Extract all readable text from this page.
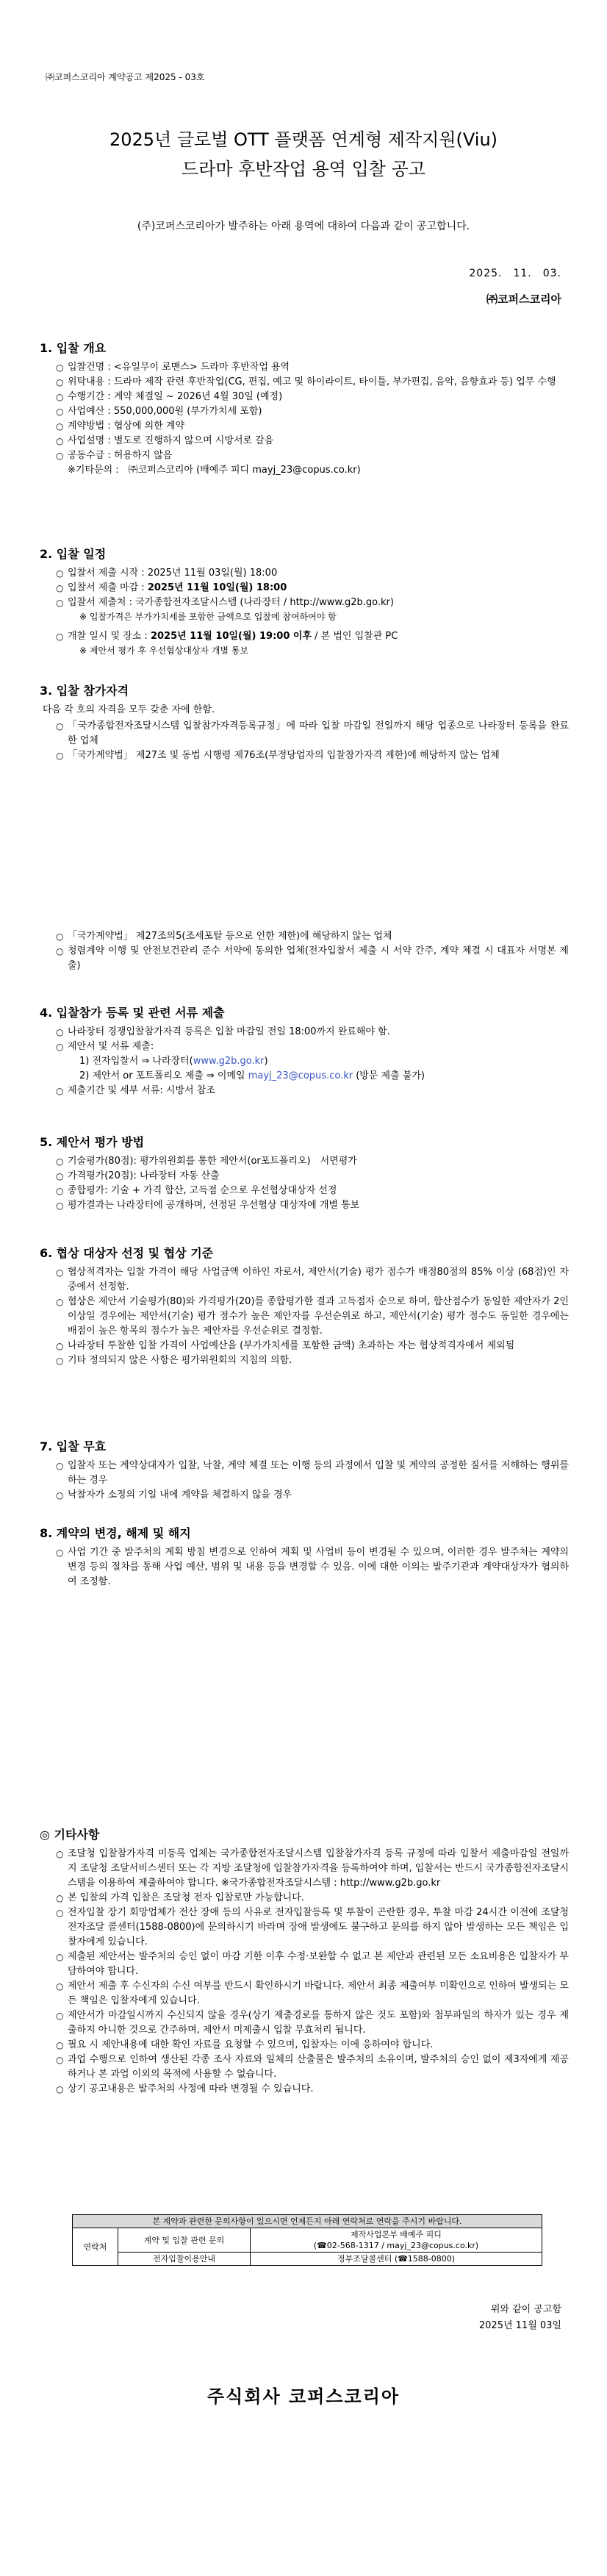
㈜코퍼스코리아 계약공고 제2025 - 03호
2025년 글로벌 OTT 플랫폼 연계형 제작지원(Viu)
드라마 후반작업 용역 입찰 공고

(주)코퍼스코리아가 발주하는 아래 용역에 대하여 다음과 같이 공고합니다.

2025.　11.　03.
㈜코퍼스코리아
1. 입찰 개요
○ 입찰건명 : <유일무이 로맨스> 드라마 후반작업 용역
○ 위탁내용 : 드라마 제작 관련 후반작업(CG, 편집, 예고 및 하이라이트, 타이틀, 부가편집, 음악, 음향효과 등) 업무 수행
○ 수행기간 : 계약 체결일 ~ 2026년 4월 30일 (예정)
○ 사업예산 : 550,000,000원 (부가가치세 포함)
○ 계약방법 : 협상에 의한 계약
○ 사업설명 : 별도로 진행하지 않으며 시방서로 갈음
○ 공동수급 : 허용하지 않음
※기타문의 :　㈜코퍼스코리아 (배예주 피디 mayj_23@copus.co.kr)
2. 입찰 일정
○ 입찰서 제출 시작 : 2025년 11월 03일(월) 18:00
○ 입찰서 제출 마감 : 2025년 11월 10일(월) 18:00
○ 입찰서 제출처 : 국가종합전자조달시스템 (나라장터 / http://www.g2b.go.kr)
※ 입찰가격은 부가가치세를 포함한 금액으로 입찰에 참여하여야 함
○ 개찰 일시 및 장소 : 2025년 11월 10일(월) 19:00 이후 / 본 법인 입찰관 PC
※ 제안서 평가 후 우선협상대상자 개별 통보
3. 입찰 참가자격
다음 각 호의 자격을 모두 갖춘 자에 한함.
○ 「국가종합전자조달시스템 입찰참가자격등록규정」에 따라 입찰 마감일 전일까지 해당 업종으로 나라장터 등록을 완료한 업체
○ 「국가계약법」 제27조 및 동법 시행령 제76조(부정당업자의 입찰참가자격 제한)에 해당하지 않는 업체
○ 「국가계약법」 제27조의5(조세포탈 등으로 인한 제한)에 해당하지 않는 업체
○ 청렴계약 이행 및 안전보건관리 준수 서약에 동의한 업체(전자입찰서 제출 시 서약 간주, 계약 체결 시 대표자 서명본 제출)
4. 입찰참가 등록 및 관련 서류 제출
○ 나라장터 경쟁입찰참가자격 등록은 입찰 마감일 전일 18:00까지 완료해야 함.
○ 제안서 및 서류 제출:
1) 전자입찰서 ⇒ 나라장터(www.g2b.go.kr)
2) 제안서 or 포트폴리오 제출 ⇒ 이메일 mayj_23@copus.co.kr (방문 제출 불가)
○ 제출기간 및 세부 서류: 시방서 참조
5. 제안서 평가 방법
○ 기술평가(80점): 평가위원회를 통한 제안서(or포트폴리오)　서면평가
○ 가격평가(20점): 나라장터 자동 산출
○ 종합평가: 기술 + 가격 합산, 고득점 순으로 우선협상대상자 선정
○ 평가결과는 나라장터에 공개하며, 선정된 우선협상 대상자에 개별 통보
6. 협상 대상자 선정 및 협상 기준
○ 협상적격자는 입찰 가격이 해당 사업금액 이하인 자로서, 제안서(기술) 평가 점수가 배점80점의 85% 이상 (68점)인 자 중에서 선정함.
○ 협상은 제안서 기술평가(80)와 가격평가(20)를 종합평가한 결과 고득점자 순으로 하며, 합산점수가 동일한 제안자가 2인 이상일 경우에는 제안서(기술) 평가 점수가 높은 제안자를 우선순위로 하고, 제안서(기술) 평가 점수도 동일한 경우에는 배점이 높은 항목의 점수가 높은 제안자를 우선순위로 결정함.
○ 나라장터 투찰한 입찰 가격이 사업예산을 (부가가치세를 포함한 금액) 초과하는 자는 협상적격자에서 제외됨
○ 기타 정의되지 않은 사항은 평가위원회의 지침의 의함.
7. 입찰 무효
○ 입찰자 또는 계약상대자가 입찰, 낙찰, 계약 체결 또는 이행 등의 과정에서 입찰 및 계약의 공정한 질서를 저해하는 행위를 하는 경우
○ 낙찰자가 소정의 기일 내에 계약을 체결하지 않을 경우
8. 계약의 변경, 해제 및 해지
○ 사업 기간 중 발주처의 계획 방침 변경으로 인하여 계획 및 사업비 등이 변경될 수 있으며, 이러한 경우 발주처는 계약의 변경 등의 절차를 통해 사업 예산, 범위 및 내용 등을 변경할 수 있음. 이에 대한 이의는 발주기관과 계약대상자가 협의하여 조정함.
◎ 기타사항
○ 조달청 입찰참가자격 미등록 업체는 국가종합전자조달시스템 입찰참가자격 등록 규정에 따라 입찰서 제출마감일 전일까지 조달청 조달서비스센터 또는 각 지방 조달청에 입찰참가자격을 등록하여야 하며, 입찰서는 반드시 국가종합전자조달시스템을 이용하여 제출하여야 합니다. ※국가종합전자조달시스템 : http://www.g2b.go.kr
○ 본 입찰의 가격 입찰은 조달청 전자 입찰로만 가능합니다.
○ 전자입찰 장기 회망업체가 전산 장애 등의 사유로 전자입찰등록 및 투찰이 곤란한 경우, 투찰 마감 24시간 이전에 조달청 전자조달 콜센터(1588-0800)에 문의하시기 바라며 장애 발생에도 불구하고 문의를 하지 않아 발생하는 모든 책임은 입찰자에게 있습니다.
○ 제출된 제안서는 발주처의 승인 없이 마감 기한 이후 수정·보완할 수 없고 본 제안과 관련된 모든 소요비용은 입찰자가 부담하여야 합니다.
○ 제안서 제출 후 수신자의 수신 여부를 반드시 확인하시기 바랍니다. 제안서 최종 제출여부 미확인으로 인하여 발생되는 모든 책임은 입찰자에게 있습니다.
○ 제안서가 마감일시까지 수신되지 않을 경우(상기 제출경로를 통하지 않은 것도 포함)와 첨부파일의 하자가 있는 경우 제출하지 아니한 것으로 간주하며, 제안서 미제출시 입찰 무효처리 됩니다.
○ 필요 시 제안내용에 대한 확인 자료를 요청할 수 있으며, 입찰자는 이에 응하여야 합니다.
○ 과업 수행으로 인하여 생산된 각종 조사 자료와 일체의 산출물은 발주처의 소유이며, 발주처의 승인 없이 제3자에게 제공하거나 본 과업 이외의 목적에 사용할 수 없습니다.
○ 상기 공고내용은 발주처의 사정에 따라 변경될 수 있습니다.
본 계약과 관련한 문의사항이 있으시면 언제든지 아래 연락처로 연락을 주시기 바랍니다.		
연락처	계약 및 입찰 관련 문의	제작사업본부 배예주 피디
(☎02-568-1317 / mayj_23@copus.co.kr)

	전자입찰이용안내	정부조달콜센터 (☎1588-0800)
위와 같이 공고함
2025년 11월 03일
주식회사 코퍼스코리아
